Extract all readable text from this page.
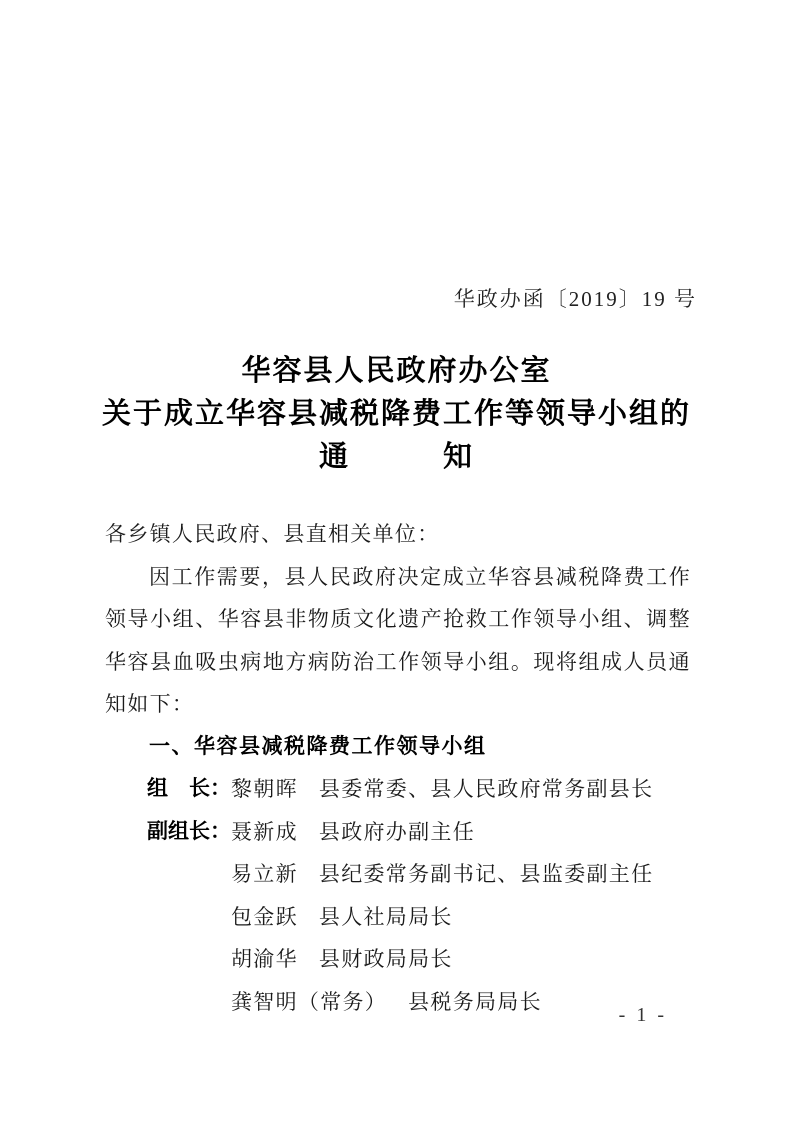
华政办函〔2019〕19 号
华容县人民政府办公室
关于成立华容县减税降费工作等领导小组的
通　　　知

各乡镇人民政府、县直相关单位：

因工作需要，县人民政府决定成立华容县减税降费工作领导小组、华容县非物质文化遗产抢救工作领导小组、调整华容县血吸虫病地方病防治工作领导小组。现将组成人员通知如下：

一、华容县减税降费工作领导小组

组　长： 黎朝晖 县委常委、县人民政府常务副县长
副组长： 聂新成 县政府办副主任
易立新 县纪委常务副书记、县监委副主任
包金跃 县人社局局长
胡渝华 县财政局局长
龚智明（常务） 县税务局局长
- 1 -
